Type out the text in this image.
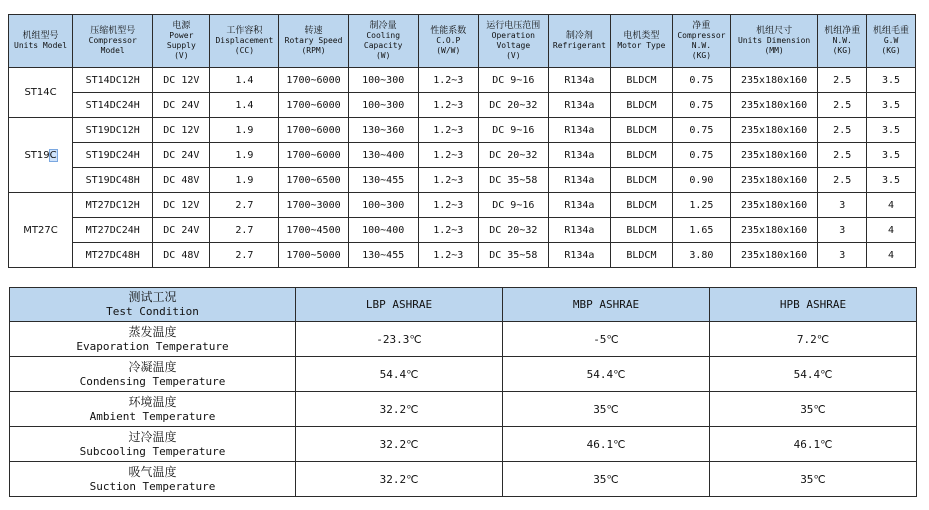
机组型号
Units Model	压缩机型号
Compressor
Model	电源
Power
Supply
(V)	工作容积
Displacement
(CC)	转速
Rotary Speed
(RPM)	制冷量
Cooling
Capacity
(W)	性能系数
C.O.P
(W/W)	运行电压范围
Operation
Voltage
(V)	制冷剂
Refrigerant	电机类型
Motor Type	净重
Compressor
N.W.
(KG)	机组尺寸
Units Dimension
(MM)	机组净重
N.W.
(KG)	机组毛重
G.W
(KG)

ST14C	ST14DC12H	DC 12V	1.4	1700~6000	100~300	1.2~3	DC 9~16	R134a	BLDCM	0.75	235x180x160	2.5	3.5
	ST14DC24H	DC 24V	1.4	1700~6000	100~300	1.2~3	DC 20~32	R134a	BLDCM	0.75	235x180x160	2.5	3.5
ST19C	ST19DC12H	DC 12V	1.9	1700~6000	130~360	1.2~3	DC 9~16	R134a	BLDCM	0.75	235x180x160	2.5	3.5
	ST19DC24H	DC 24V	1.9	1700~6000	130~400	1.2~3	DC 20~32	R134a	BLDCM	0.75	235x180x160	2.5	3.5
	ST19DC48H	DC 48V	1.9	1700~6500	130~455	1.2~3	DC 35~58	R134a	BLDCM	0.90	235x180x160	2.5	3.5
MT27C	MT27DC12H	DC 12V	2.7	1700~3000	100~300	1.2~3	DC 9~16	R134a	BLDCM	1.25	235x180x160	3	4
	MT27DC24H	DC 24V	2.7	1700~4500	100~400	1.2~3	DC 20~32	R134a	BLDCM	1.65	235x180x160	3	4
	MT27DC48H	DC 48V	2.7	1700~5000	130~455	1.2~3	DC 35~58	R134a	BLDCM	3.80	235x180x160	3	4
测试工况
Test Condition	LBP ASHRAE	MBP ASHRAE	HPB ASHRAE

蒸发温度
Evaporation Temperature	-23.3℃	-5℃	7.2℃

冷凝温度
Condensing Temperature	54.4℃	54.4℃	54.4℃

环境温度
Ambient Temperature	32.2℃	35℃	35℃

过冷温度
Subcooling Temperature	32.2℃	46.1℃	46.1℃

吸气温度
Suction Temperature	32.2℃	35℃	35℃
